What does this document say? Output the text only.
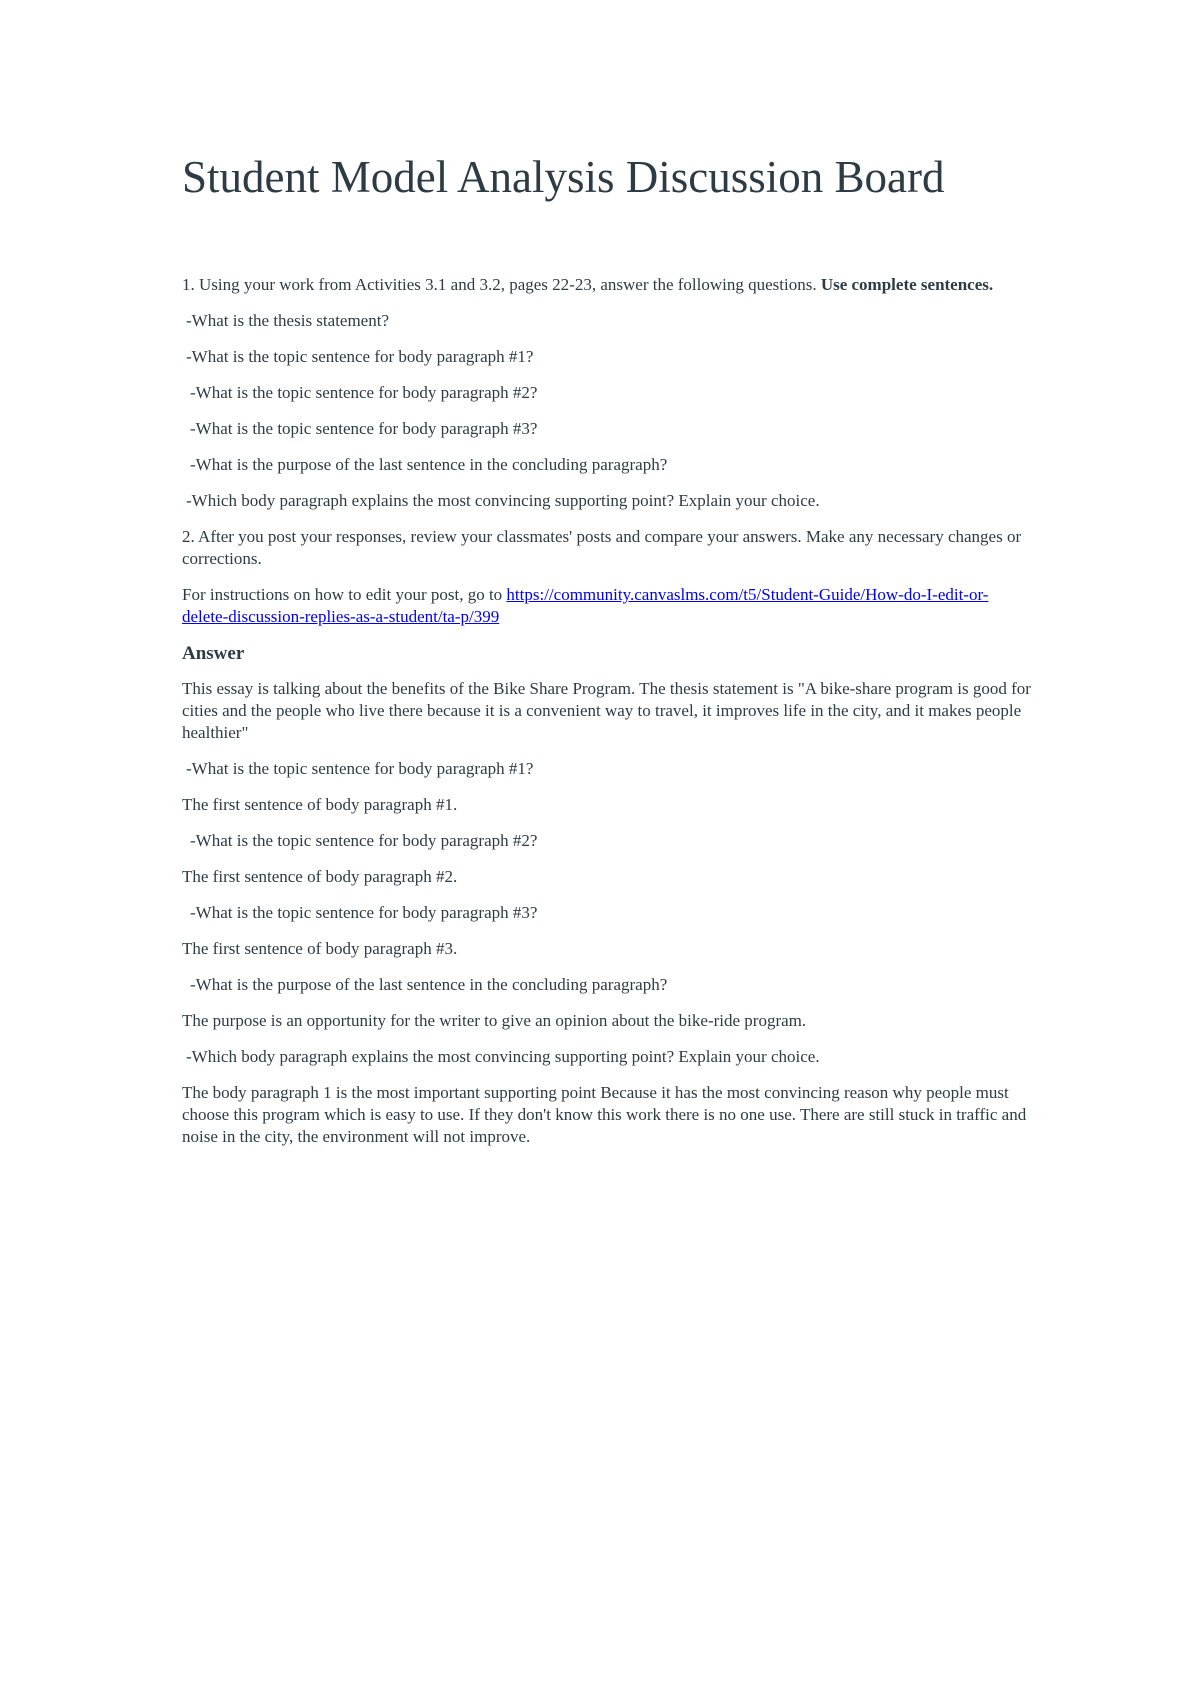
Student Model Analysis Discussion Board

1. Using your work from Activities 3.1 and 3.2, pages 22-23, answer the following questions. Use complete sentences.

-What is the thesis statement?

-What is the topic sentence for body paragraph #1?

-What is the topic sentence for body paragraph #2?

-What is the topic sentence for body paragraph #3?

-What is the purpose of the last sentence in the concluding paragraph?

-Which body paragraph explains the most convincing supporting point? Explain your choice.

2. After you post your responses, review your classmates' posts and compare your answers. Make any necessary changes or corrections.

For instructions on how to edit your post, go to https://community.canvaslms.com/t5/Student-Guide/How-do-I-edit-or-delete-discussion-replies-as-a-student/ta-p/399

Answer

This essay is talking about the benefits of the Bike Share Program. The thesis statement is "A bike-share program is good for cities and the people who live there because it is a convenient way to travel, it improves life in the city, and it makes people healthier"

-What is the topic sentence for body paragraph #1?

The first sentence of body paragraph #1.

-What is the topic sentence for body paragraph #2?

The first sentence of body paragraph #2.

-What is the topic sentence for body paragraph #3?

The first sentence of body paragraph #3.

-What is the purpose of the last sentence in the concluding paragraph?

The purpose is an opportunity for the writer to give an opinion about the bike-ride program.

-Which body paragraph explains the most convincing supporting point? Explain your choice.

The body paragraph 1 is the most important supporting point Because it has the most convincing reason why people must choose this program which is easy to use. If they don't know this work there is no one use. There are still stuck in traffic and noise in the city, the environment will not improve.
